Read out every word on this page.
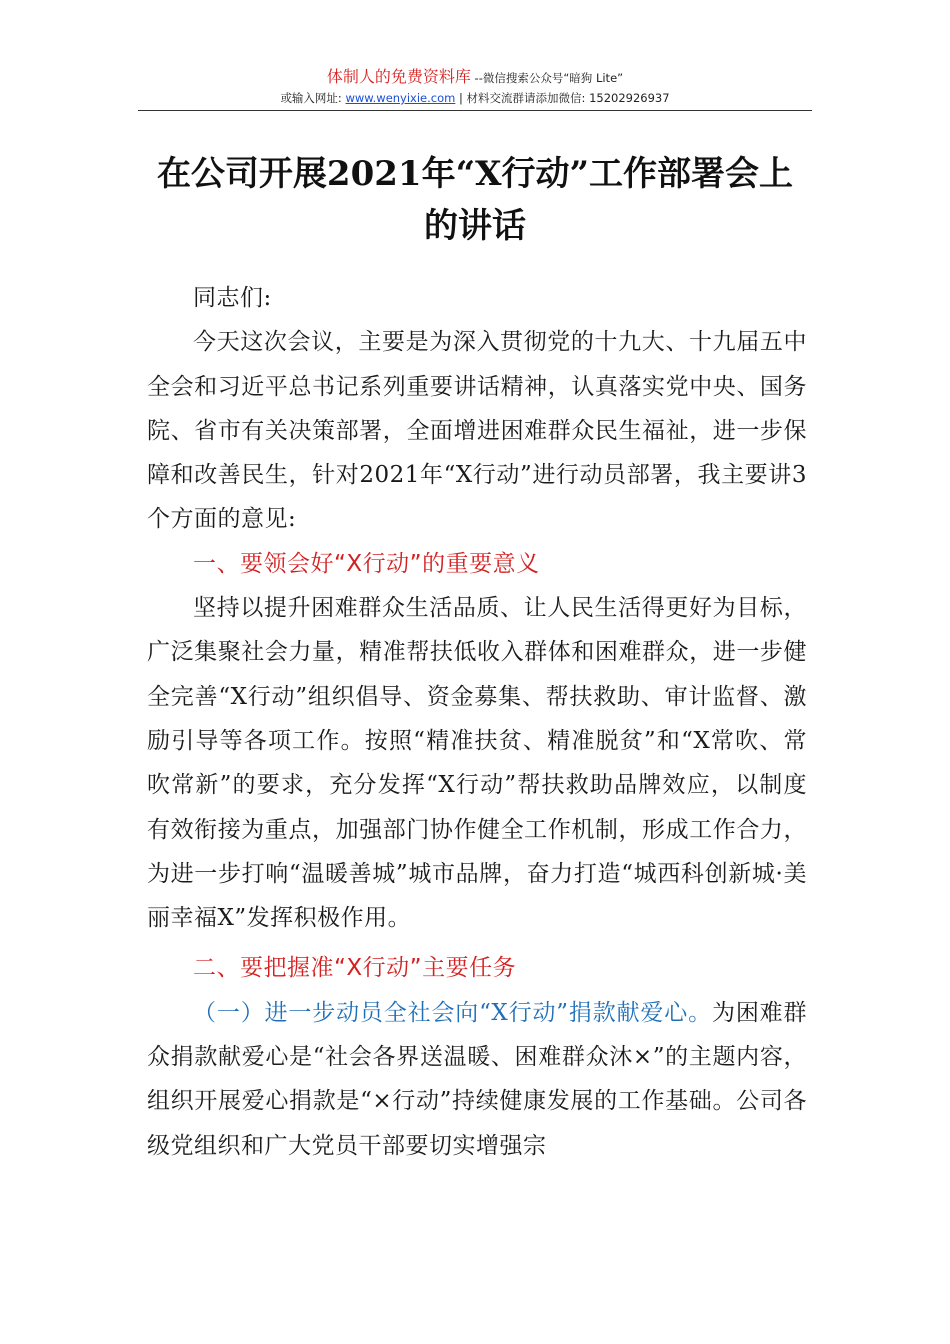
体制人的免费资料库 --微信搜索公众号“暗狗 Lite”
或输入网址: www.wenyixie.com | 材料交流群请添加微信: 15202926937
在公司开展2021年“X行动”工作部署会上的讲话

同志们:

今天这次会议，主要是为深入贯彻党的十九大、十九届五中全会和习近平总书记系列重要讲话精神，认真落实党中央、国务院、省市有关决策部署，全面增进困难群众民生福祉，进一步保障和改善民生，针对2021年“X行动”进行动员部署，我主要讲3个方面的意见:

一、要领会好“X行动”的重要意义

坚持以提升困难群众生活品质、让人民生活得更好为目标，广泛集聚社会力量，精准帮扶低收入群体和困难群众，进一步健全完善“X行动”组织倡导、资金募集、帮扶救助、审计监督、激励引导等各项工作。按照“精准扶贫、精准脱贫”和“X常吹、常吹常新”的要求，充分发挥“X行动”帮扶救助品牌效应，以制度有效衔接为重点，加强部门协作健全工作机制，形成工作合力，为进一步打响“温暖善城”城市品牌，奋力打造“城西科创新城·美丽幸福X”发挥积极作用。

二、要把握准“X行动”主要任务

（一）进一步动员全社会向“X行动”捐款献爱心。为困难群众捐款献爱心是“社会各界送温暖、困难群众沐×”的主题内容，组织开展爱心捐款是“×行动”持续健康发展的工作基础。公司各级党组织和广大党员干部要切实增强宗
